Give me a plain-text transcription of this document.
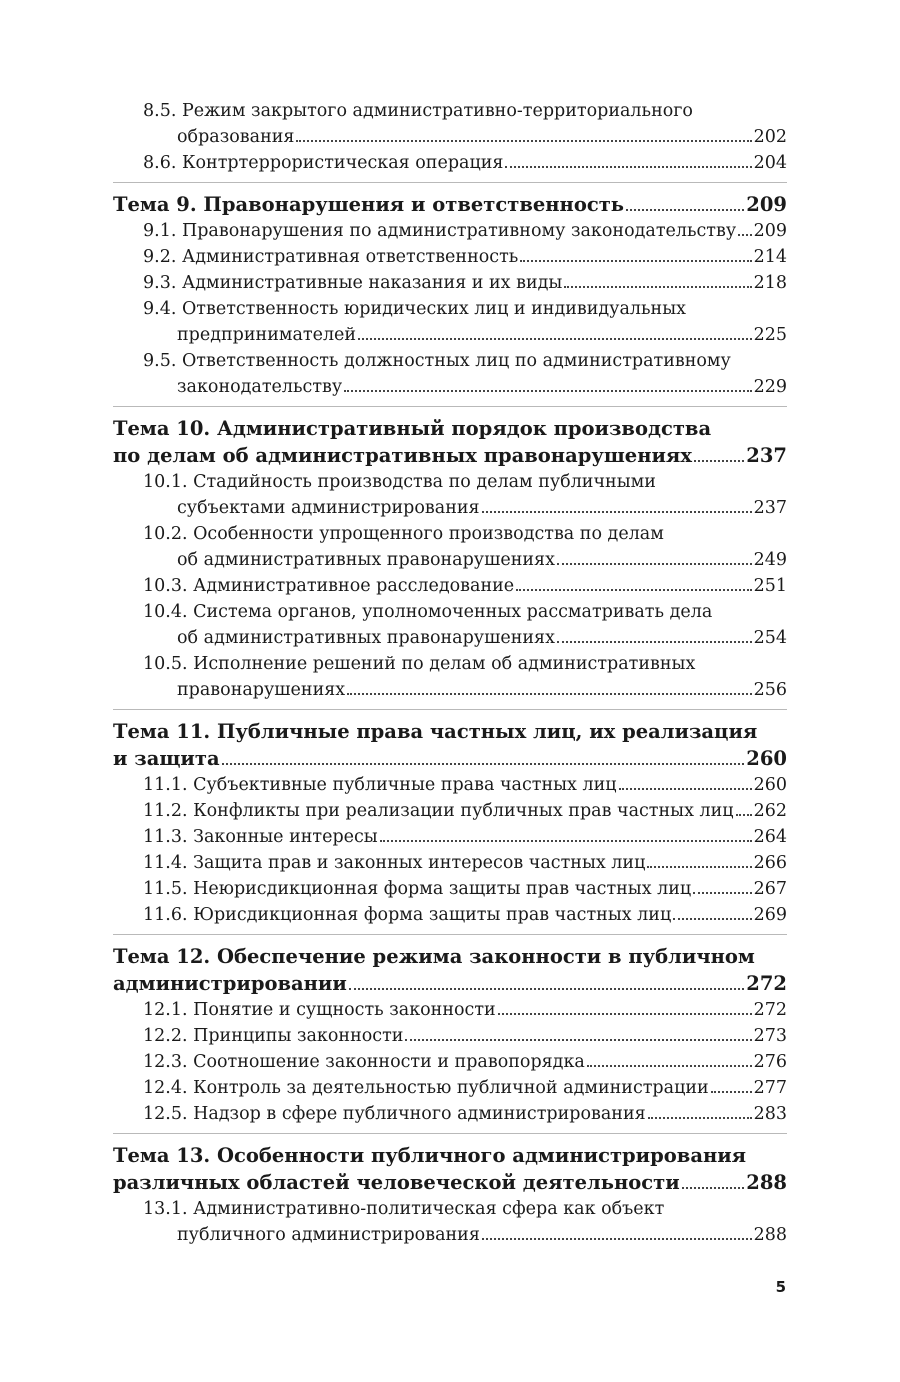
8.5. Режим закрытого административно-территориального
образования	202
8.6. Контртеррористическая операция	204
Тема 9. Правонарушения и ответственность	209
9.1. Правонарушения по административному законодательству 209
9.2. Административная ответственность	214
9.3. Административные наказания и их виды	218
9.4. Ответственность юридических лиц и индивидуальных
предпринимателей	225
9.5. Ответственность должностных лиц по административному
законодательству	229
Тема 10. Административный порядок производства
по делам об административных правонарушениях	237
10.1. Стадийность производства по делам публичными
субъектами администрирования	237
10.2. Особенности упрощенного производства по делам
об административных правонарушениях	249
10.3. Административное расследование	251
10.4. Система органов, уполномоченных рассматривать дела
об административных правонарушениях	254
10.5. Исполнение решений по делам об административных
правонарушениях	256
Тема 11. Публичные права частных лиц, их реализация
и защита	260
11.1. Субъективные публичные права частных лиц	260
11.2. Конфликты при реализации публичных прав частных лиц 262
11.3. Законные интересы	264
11.4. Защита прав и законных интересов частных лиц	266
11.5. Неюрисдикционная форма защиты прав частных лиц	267
11.6. Юрисдикционная форма защиты прав частных лиц	269
Тема 12. Обеспечение режима законности в публичном
администрировании	272
12.1. Понятие и сущность законности	272
12.2. Принципы законности	273
12.3. Соотношение законности и правопорядка	276
12.4. Контроль за деятельностью публичной администрации	277
12.5. Надзор в сфере публичного администрирования	283
Тема 13. Особенности публичного администрирования
различных областей человеческой деятельности	288
13.1. Административно-политическая сфера как объект
публичного администрирования	288
5
